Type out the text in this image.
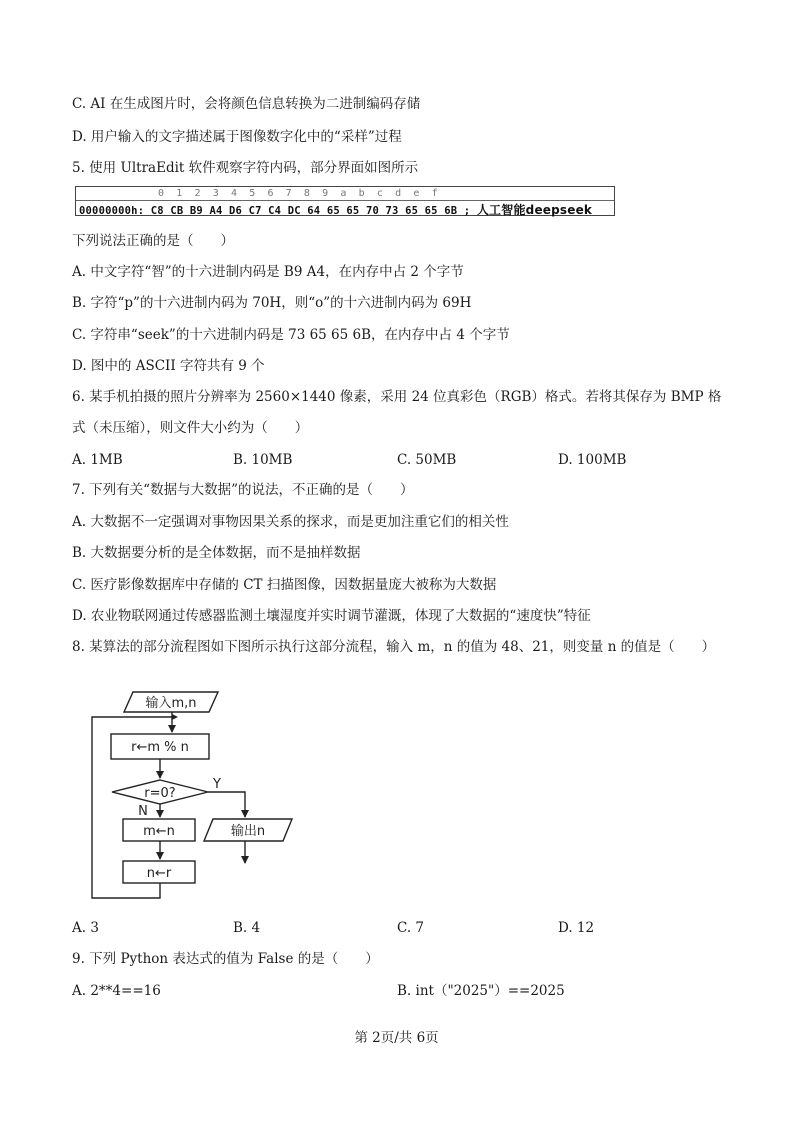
C. AI 在生成图片时，会将颜色信息转换为二进制编码存储
D. 用户输入的文字描述属于图像数字化中的“采样”过程
5. 使用 UltraEdit 软件观察字符内码，部分界面如图所示
0 1 2 3 4 5 6 7 8 9 a b c d e f
00000000h: C8 CB B9 A4 D6 C7 C4 DC 64 65 65 70 73 65 65 6B ; 人工智能deepseek
下列说法正确的是（　　）
A. 中文字符“智”的十六进制内码是 B9 A4，在内存中占 2 个字节
B. 字符“p”的十六进制内码为 70H，则“o”的十六进制内码为 69H
C. 字符串“seek”的十六进制内码是 73 65 65 6B，在内存中占 4 个字节
D. 图中的 ASCII 字符共有 9 个
6. 某手机拍摄的照片分辨率为 2560×1440 像素，采用 24 位真彩色（RGB）格式。若将其保存为 BMP 格
式（未压缩），则文件大小约为（　　）
A. 1MB	B. 10MB	C. 50MB	D. 100MB
7. 下列有关“数据与大数据”的说法，不正确的是（　　）
A. 大数据不一定强调对事物因果关系的探求，而是更加注重它们的相关性
B. 大数据要分析的是全体数据，而不是抽样数据
C. 医疗影像数据库中存储的 CT 扫描图像，因数据量庞大被称为大数据
D. 农业物联网通过传感器监测土壤湿度并实时调节灌溉，体现了大数据的“速度快”特征
8. 某算法的部分流程图如下图所示执行这部分流程，输入 m，n 的值为 48、21，则变量 n 的值是（　　）
输入m,n
r←m % n
r=0?
Y
N
m←n	输出n
n←r
A. 3	B. 4	C. 7	D. 12
9. 下列 Python 表达式的值为 False 的是（　　）
A. 2**4==16	B. int（"2025"）==2025
第 2页/共 6页
